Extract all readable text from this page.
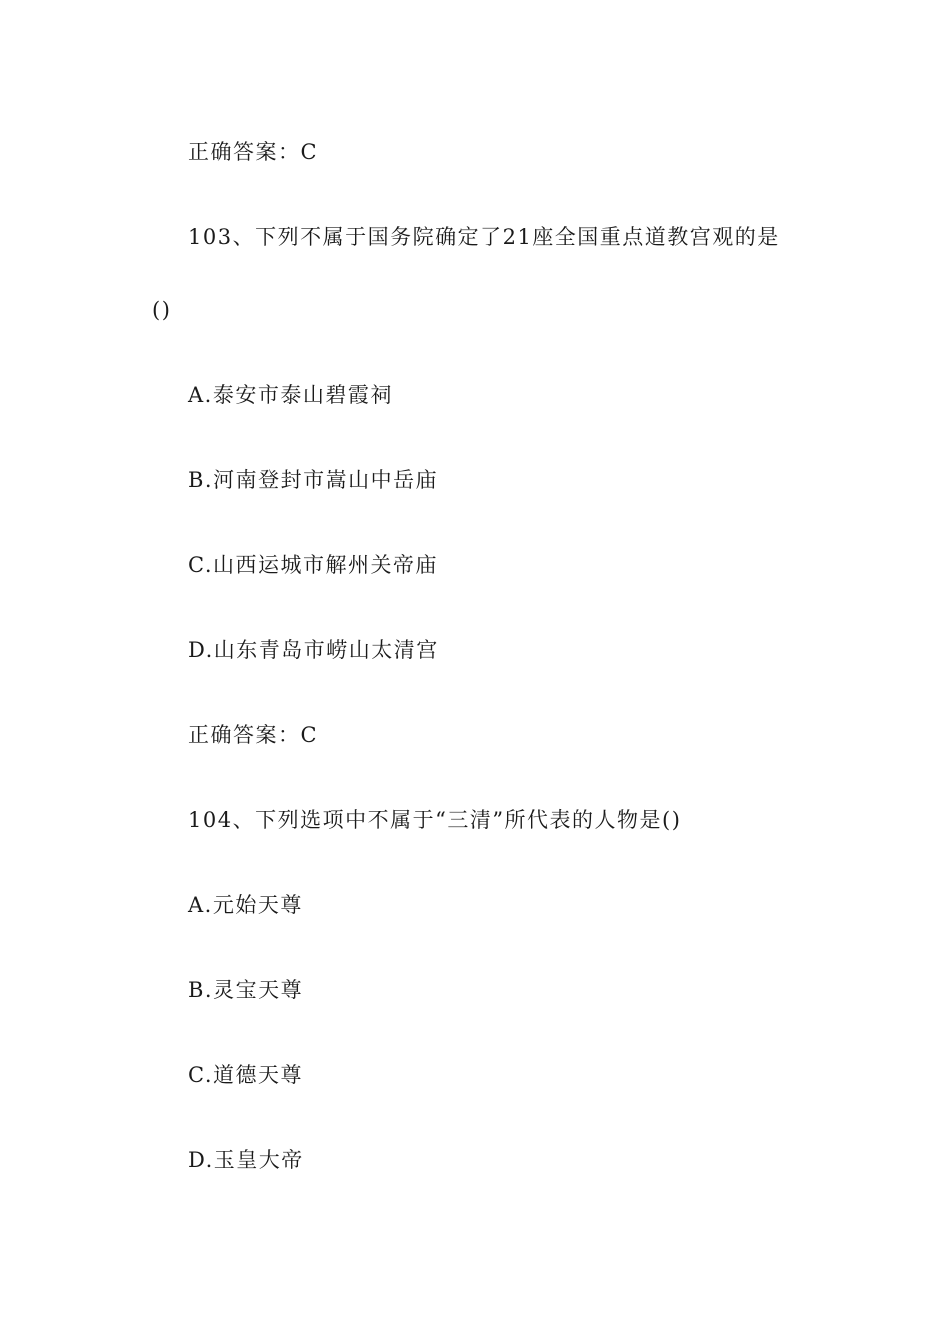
正确答案：C
103、下列不属于国务院确定了21座全国重点道教宫观的是
()
A.泰安市泰山碧霞祠
B.河南登封市嵩山中岳庙
C.山西运城市解州关帝庙
D.山东青岛市崂山太清宫
正确答案：C
104、下列选项中不属于“三清”所代表的人物是()
A.元始天尊
B.灵宝天尊
C.道德天尊
D.玉皇大帝
